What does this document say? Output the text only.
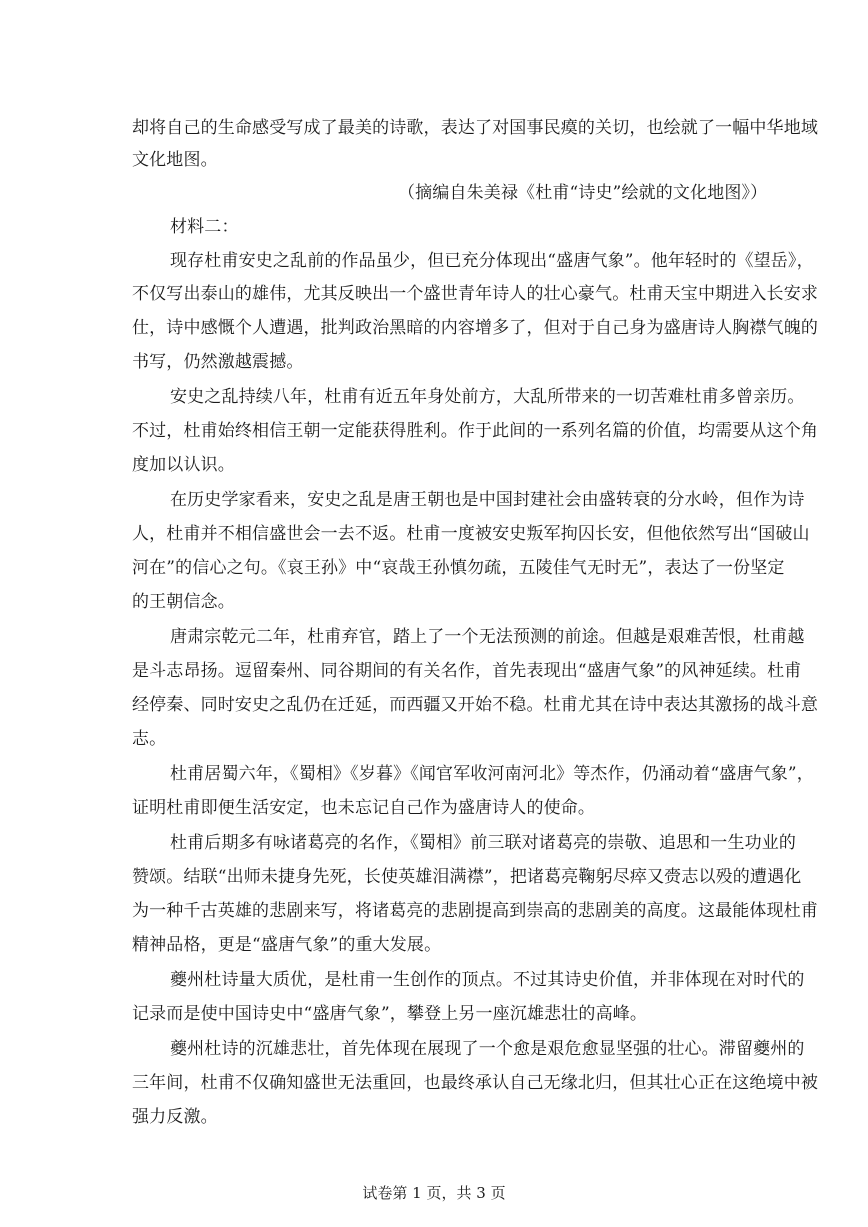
却将自己的生命感受写成了最美的诗歌，表达了对国事民瘼的关切，也绘就了一幅中华地域
文化地图。
（摘编自朱美禄《杜甫“诗史”绘就的文化地图》）
材料二：
现存杜甫安史之乱前的作品虽少，但已充分体现出“盛唐气象”。他年轻时的《望岳》，
不仅写出泰山的雄伟，尤其反映出一个盛世青年诗人的壮心豪气。杜甫天宝中期进入长安求
仕，诗中感慨个人遭遇，批判政治黑暗的内容增多了，但对于自己身为盛唐诗人胸襟气魄的
书写，仍然激越震撼。
安史之乱持续八年，杜甫有近五年身处前方，大乱所带来的一切苦难杜甫多曾亲历。
不过，杜甫始终相信王朝一定能获得胜利。作于此间的一系列名篇的价值，均需要从这个角
度加以认识。
在历史学家看来，安史之乱是唐王朝也是中国封建社会由盛转衰的分水岭，但作为诗
人，杜甫并不相信盛世会一去不返。杜甫一度被安史叛军拘囚长安，但他依然写出“国破山
河在”的信心之句。《哀王孙》中“哀哉王孙慎勿疏，五陵佳气无时无”，表达了一份坚定
的王朝信念。
唐肃宗乾元二年，杜甫弃官，踏上了一个无法预测的前途。但越是艰难苦恨，杜甫越
是斗志昂扬。逗留秦州、同谷期间的有关名作，首先表现出“盛唐气象”的风神延续。杜甫
经停秦、同时安史之乱仍在迁延，而西疆又开始不稳。杜甫尤其在诗中表达其激扬的战斗意
志。
杜甫居蜀六年，《蜀相》《岁暮》《闻官军收河南河北》等杰作，仍涌动着“盛唐气象”，
证明杜甫即便生活安定，也未忘记自己作为盛唐诗人的使命。
杜甫后期多有咏诸葛亮的名作，《蜀相》前三联对诸葛亮的崇敬、追思和一生功业的
赞颂。结联“出师未捷身先死，长使英雄泪满襟”，把诸葛亮鞠躬尽瘁又赍志以殁的遭遇化
为一种千古英雄的悲剧来写，将诸葛亮的悲剧提高到崇高的悲剧美的高度。这最能体现杜甫
精神品格，更是“盛唐气象”的重大发展。
夔州杜诗量大质优，是杜甫一生创作的顶点。不过其诗史价值，并非体现在对时代的
记录而是使中国诗史中“盛唐气象”，攀登上另一座沉雄悲壮的高峰。
夔州杜诗的沉雄悲壮，首先体现在展现了一个愈是艰危愈显坚强的壮心。滞留夔州的
三年间，杜甫不仅确知盛世无法重回，也最终承认自己无缘北归，但其壮心正在这绝境中被
强力反激。
试卷第 1 页，共 3 页
